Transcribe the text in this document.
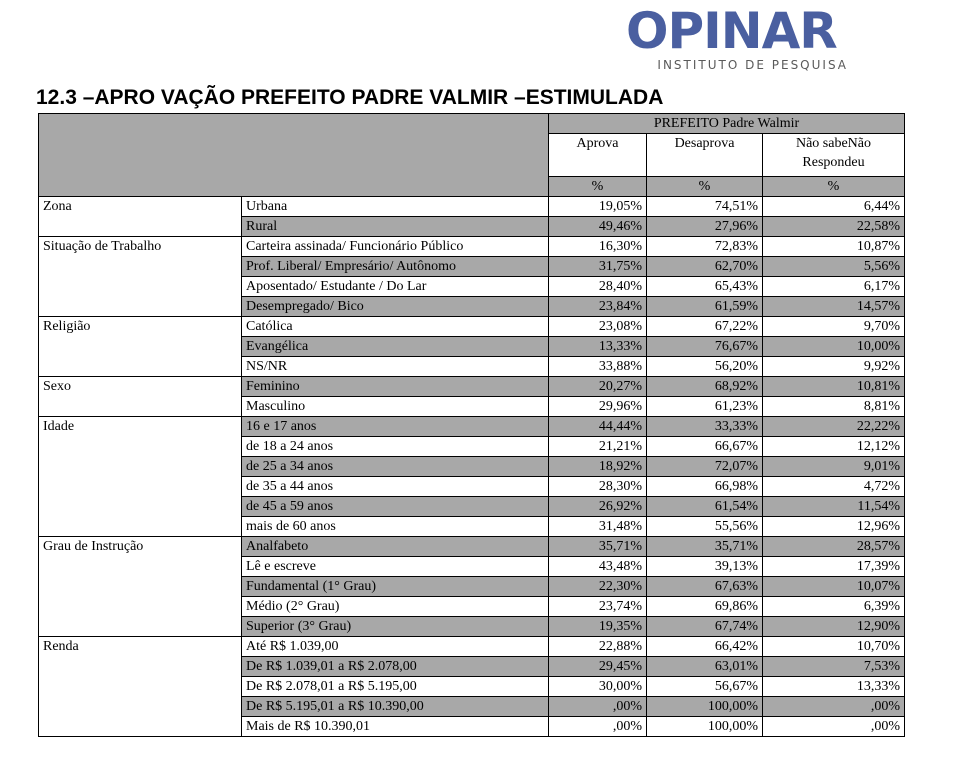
OPINAR
INSTITUTO DE PESQUISA
12.3 –APRO VAÇÃO PREFEITO PADRE VALMIR –ESTIMULADA
		PREFEITO Padre Walmir		
		Aprova	Desaprova	Não sabeNão
Respondeu
		%	%	%
Zona	Urbana	19,05%	74,51%	6,44%
	Rural	49,46%	27,96%	22,58%
Situação de Trabalho	Carteira assinada/ Funcionário Público	16,30%	72,83%	10,87%
	Prof. Liberal/ Empresário/ Autônomo	31,75%	62,70%	5,56%
	Aposentado/ Estudante / Do Lar	28,40%	65,43%	6,17%
	Desempregado/ Bico	23,84%	61,59%	14,57%
Religião	Católica	23,08%	67,22%	9,70%
	Evangélica	13,33%	76,67%	10,00%
	NS/NR	33,88%	56,20%	9,92%
Sexo	Feminino	20,27%	68,92%	10,81%
	Masculino	29,96%	61,23%	8,81%
Idade	16 e 17 anos	44,44%	33,33%	22,22%
	de 18 a 24 anos	21,21%	66,67%	12,12%
	de 25 a 34 anos	18,92%	72,07%	9,01%
	de 35 a 44 anos	28,30%	66,98%	4,72%
	de 45 a 59 anos	26,92%	61,54%	11,54%
	mais de 60 anos	31,48%	55,56%	12,96%
Grau de Instrução	Analfabeto	35,71%	35,71%	28,57%
	Lê e escreve	43,48%	39,13%	17,39%
	Fundamental (1° Grau)	22,30%	67,63%	10,07%
	Médio (2° Grau)	23,74%	69,86%	6,39%
	Superior (3° Grau)	19,35%	67,74%	12,90%
Renda	Até R$ 1.039,00	22,88%	66,42%	10,70%
	De R$ 1.039,01 a R$ 2.078,00	29,45%	63,01%	7,53%
	De R$ 2.078,01 a R$ 5.195,00	30,00%	56,67%	13,33%
	De R$ 5.195,01 a R$ 10.390,00	,00%	100,00%	,00%
	Mais de R$ 10.390,01	,00%	100,00%	,00%
